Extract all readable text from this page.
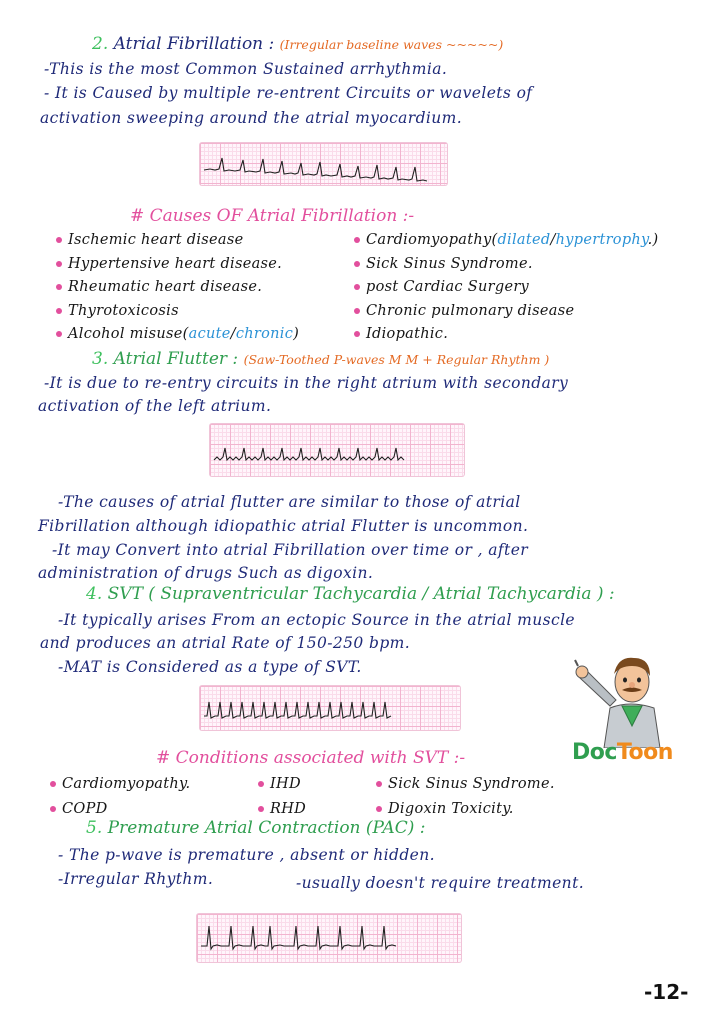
2. Atrial Fibrillation : (Irregular baseline waves ~~~~~)
-This is the most Common Sustained arrhythmia.
- It is Caused by multiple re-entrent Circuits or wavelets of
activation sweeping around the atrial myocardium.
# Causes OF Atrial Fibrillation :-
Ischemic heart disease
Hypertensive heart disease.
Rheumatic heart disease.
Thyrotoxicosis
Alcohol misuse(acute/chronic)
Cardiomyopathy(dilated/hypertrophy.)
Sick Sinus Syndrome.
post Cardiac Surgery
Chronic pulmonary disease
Idiopathic.
3. Atrial Flutter : (Saw-Toothed P-waves M M + Regular Rhythm )
-It is due to re-entry circuits in the right atrium with secondary
activation of the left atrium.
-The causes of atrial flutter are similar to those of atrial
Fibrillation although idiopathic atrial Flutter is uncommon.
-It may Convert into atrial Fibrillation over time or , after
administration of drugs Such as digoxin.
4. SVT ( Supraventricular Tachycardia / Atrial Tachycardia ) :
-It typically arises From an ectopic Source in the atrial muscle
and produces an atrial Rate of 150-250 bpm.
-MAT is Considered as a type of SVT.
DocToon
# Conditions associated with SVT :-
Cardiomyopathy.
COPD
IHD
RHD
Sick Sinus Syndrome.
Digoxin Toxicity.
5. Premature Atrial Contraction (PAC) :
- The p-wave is premature , absent or hidden.
-Irregular Rhythm.	-usually doesn't require treatment.
-12-
